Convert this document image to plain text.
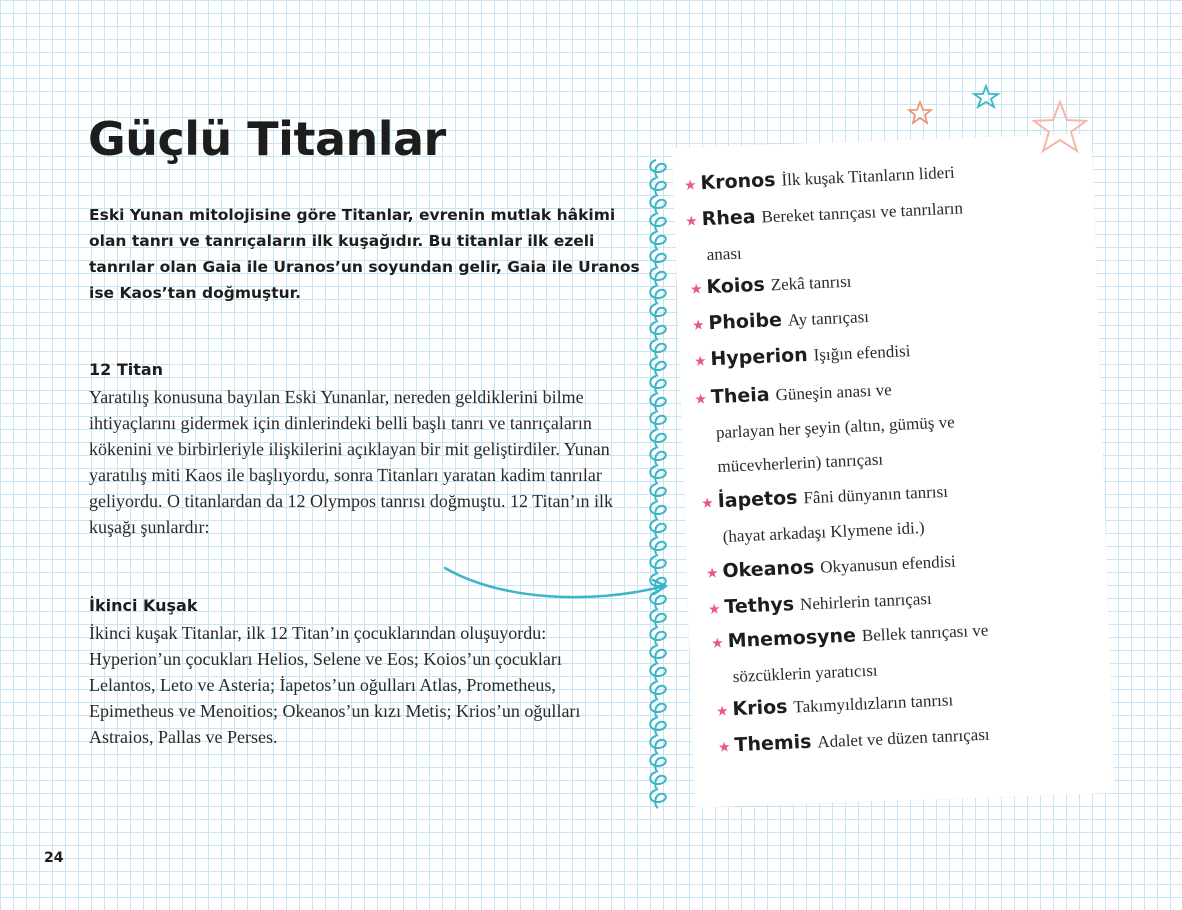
Güçlü Titanlar

Eski Yunan mitolojisine göre Titanlar, evrenin mutlak hâkimi olan tanrı ve tanrıçaların ilk kuşağıdır. Bu titanlar ilk ezeli tanrılar olan Gaia ile Uranos’un soyundan gelir, Gaia ile Uranos ise Kaos’tan doğmuştur.

12 Titan

Yaratılış konusuna bayılan Eski Yunanlar, nereden geldiklerini bilme ihtiyaçlarını gidermek için dinlerindeki belli başlı tanrı ve tanrıçaların kökenini ve birbirleriyle ilişkilerini açıklayan bir mit geliştirdiler. Yunan yaratılış miti Kaos ile başlıyordu, sonra Titanları yaratan kadim tanrılar geliyordu. O titanlardan da 12 Olympos tanrısı doğmuştu. 12 Titan’ın ilk kuşağı şunlardır:

İkinci Kuşak

İkinci kuşak Titanlar, ilk 12 Titan’ın çocuklarından oluşuyordu: Hyperion’un çocukları Helios, Selene ve Eos; Koios’un çocukları Lelantos, Leto ve Asteria; İapetos’un oğulları Atlas, Prometheus, Epimetheus ve Menoitios; Okeanos’un kızı Metis; Krios’un oğulları Astraios, Pallas ve Perses.

24
★ Kronos İlk kuşak Titanların lideri
★ Rhea Bereket tanrıçası ve tanrıların
anası
★ Koios Zekâ tanrısı
★ Phoibe Ay tanrıçası
★ Hyperion Işığın efendisi
★ Theia Güneşin anası ve
parlayan her şeyin (altın, gümüş ve mücevherlerin) tanrıçası
★ İapetos Fâni dünyanın tanrısı
(hayat arkadaşı Klymene idi.)
★ Okeanos Okyanusun efendisi
★ Tethys Nehirlerin tanrıçası
★ Mnemosyne Bellek tanrıçası ve
sözcüklerin yaratıcısı
★ Krios Takımyıldızların tanrısı
★ Themis Adalet ve düzen tanrıçası
